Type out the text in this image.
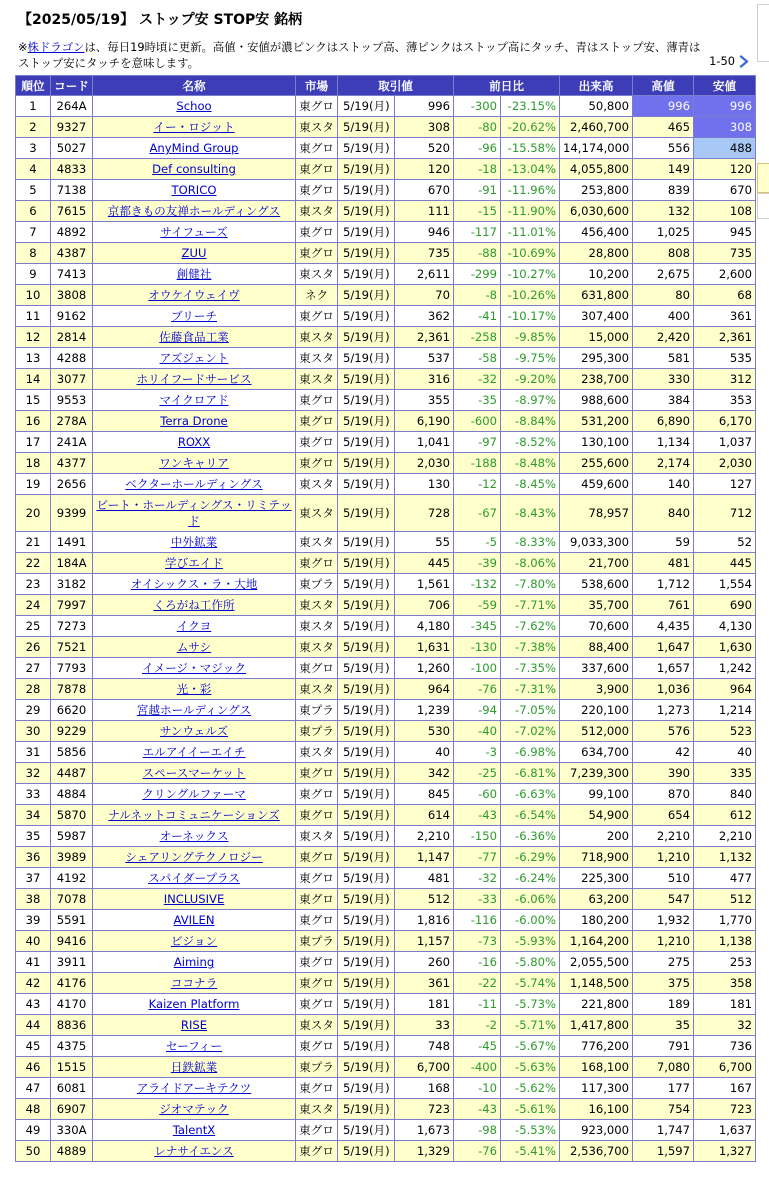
【2025/05/19】 ストップ安 STOP安 銘柄
※株ドラゴンは、毎日19時頃に更新。高値・安値が濃ピンクはストップ高、薄ピンクはストップ高にタッチ、青はストップ安、薄青はストップ安にタッチを意味します。	1-50
順位	コード	名称	市場	取引値		前日比		出来高	高値	安値
1	264A	Schoo	東グロ	5/19(月)	996	-300	-23.15%	50,800	996	996
2	9327	イー・ロジット	東スタ	5/19(月)	308	-80	-20.62%	2,460,700	465	308
3	5027	AnyMind Group	東グロ	5/19(月)	520	-96	-15.58%	14,174,000	556	488
4	4833	Def consulting	東グロ	5/19(月)	120	-18	-13.04%	4,055,800	149	120
5	7138	TORICO	東グロ	5/19(月)	670	-91	-11.96%	253,800	839	670
6	7615	京都きもの友禅ホールディングス	東スタ	5/19(月)	111	-15	-11.90%	6,030,600	132	108
7	4892	サイフューズ	東グロ	5/19(月)	946	-117	-11.01%	456,400	1,025	945
8	4387	ZUU	東グロ	5/19(月)	735	-88	-10.69%	28,800	808	735
9	7413	創健社	東スタ	5/19(月)	2,611	-299	-10.27%	10,200	2,675	2,600
10	3808	オウケイウェイヴ	ネク	5/19(月)	70	-8	-10.26%	631,800	80	68
11	9162	ブリーチ	東グロ	5/19(月)	362	-41	-10.17%	307,400	400	361
12	2814	佐藤食品工業	東スタ	5/19(月)	2,361	-258	-9.85%	15,000	2,420	2,361
13	4288	アズジェント	東スタ	5/19(月)	537	-58	-9.75%	295,300	581	535
14	3077	ホリイフードサービス	東スタ	5/19(月)	316	-32	-9.20%	238,700	330	312
15	9553	マイクロアド	東グロ	5/19(月)	355	-35	-8.97%	988,600	384	353
16	278A	Terra Drone	東グロ	5/19(月)	6,190	-600	-8.84%	531,200	6,890	6,170
17	241A	ROXX	東グロ	5/19(月)	1,041	-97	-8.52%	130,100	1,134	1,037
18	4377	ワンキャリア	東グロ	5/19(月)	2,030	-188	-8.48%	255,600	2,174	2,030
19	2656	ベクターホールディングス	東スタ	5/19(月)	130	-12	-8.45%	459,600	140	127
20	9399	ビート・ホールディングス・リミテッド	東スタ	5/19(月)	728	-67	-8.43%	78,957	840	712
21	1491	中外鉱業	東スタ	5/19(月)	55	-5	-8.33%	9,033,300	59	52
22	184A	学びエイド	東グロ	5/19(月)	445	-39	-8.06%	21,700	481	445
23	3182	オイシックス・ラ・大地	東プラ	5/19(月)	1,561	-132	-7.80%	538,600	1,712	1,554
24	7997	くろがね工作所	東スタ	5/19(月)	706	-59	-7.71%	35,700	761	690
25	7273	イクヨ	東スタ	5/19(月)	4,180	-345	-7.62%	70,600	4,435	4,130
26	7521	ムサシ	東スタ	5/19(月)	1,631	-130	-7.38%	88,400	1,647	1,630
27	7793	イメージ・マジック	東グロ	5/19(月)	1,260	-100	-7.35%	337,600	1,657	1,242
28	7878	光・彩	東スタ	5/19(月)	964	-76	-7.31%	3,900	1,036	964
29	6620	宮越ホールディングス	東プラ	5/19(月)	1,239	-94	-7.05%	220,100	1,273	1,214
30	9229	サンウェルズ	東プラ	5/19(月)	530	-40	-7.02%	512,000	576	523
31	5856	エルアイイーエイチ	東スタ	5/19(月)	40	-3	-6.98%	634,700	42	40
32	4487	スペースマーケット	東グロ	5/19(月)	342	-25	-6.81%	7,239,300	390	335
33	4884	クリングルファーマ	東グロ	5/19(月)	845	-60	-6.63%	99,100	870	840
34	5870	ナルネットコミュニケーションズ	東グロ	5/19(月)	614	-43	-6.54%	54,900	654	612
35	5987	オーネックス	東スタ	5/19(月)	2,210	-150	-6.36%	200	2,210	2,210
36	3989	シェアリングテクノロジー	東グロ	5/19(月)	1,147	-77	-6.29%	718,900	1,210	1,132
37	4192	スパイダープラス	東グロ	5/19(月)	481	-32	-6.24%	225,300	510	477
38	7078	INCLUSIVE	東グロ	5/19(月)	512	-33	-6.06%	63,200	547	512
39	5591	AVILEN	東グロ	5/19(月)	1,816	-116	-6.00%	180,200	1,932	1,770
40	9416	ビジョン	東プラ	5/19(月)	1,157	-73	-5.93%	1,164,200	1,210	1,138
41	3911	Aiming	東グロ	5/19(月)	260	-16	-5.80%	2,055,500	275	253
42	4176	ココナラ	東グロ	5/19(月)	361	-22	-5.74%	1,148,500	375	358
43	4170	Kaizen Platform	東グロ	5/19(月)	181	-11	-5.73%	221,800	189	181
44	8836	RISE	東スタ	5/19(月)	33	-2	-5.71%	1,417,800	35	32
45	4375	セーフィー	東グロ	5/19(月)	748	-45	-5.67%	776,200	791	736
46	1515	日鉄鉱業	東プラ	5/19(月)	6,700	-400	-5.63%	168,100	7,080	6,700
47	6081	アライドアーキテクツ	東グロ	5/19(月)	168	-10	-5.62%	117,300	177	167
48	6907	ジオマテック	東スタ	5/19(月)	723	-43	-5.61%	16,100	754	723
49	330A	TalentX	東グロ	5/19(月)	1,673	-98	-5.53%	923,000	1,747	1,637
50	4889	レナサイエンス	東グロ	5/19(月)	1,329	-76	-5.41%	2,536,700	1,597	1,327
